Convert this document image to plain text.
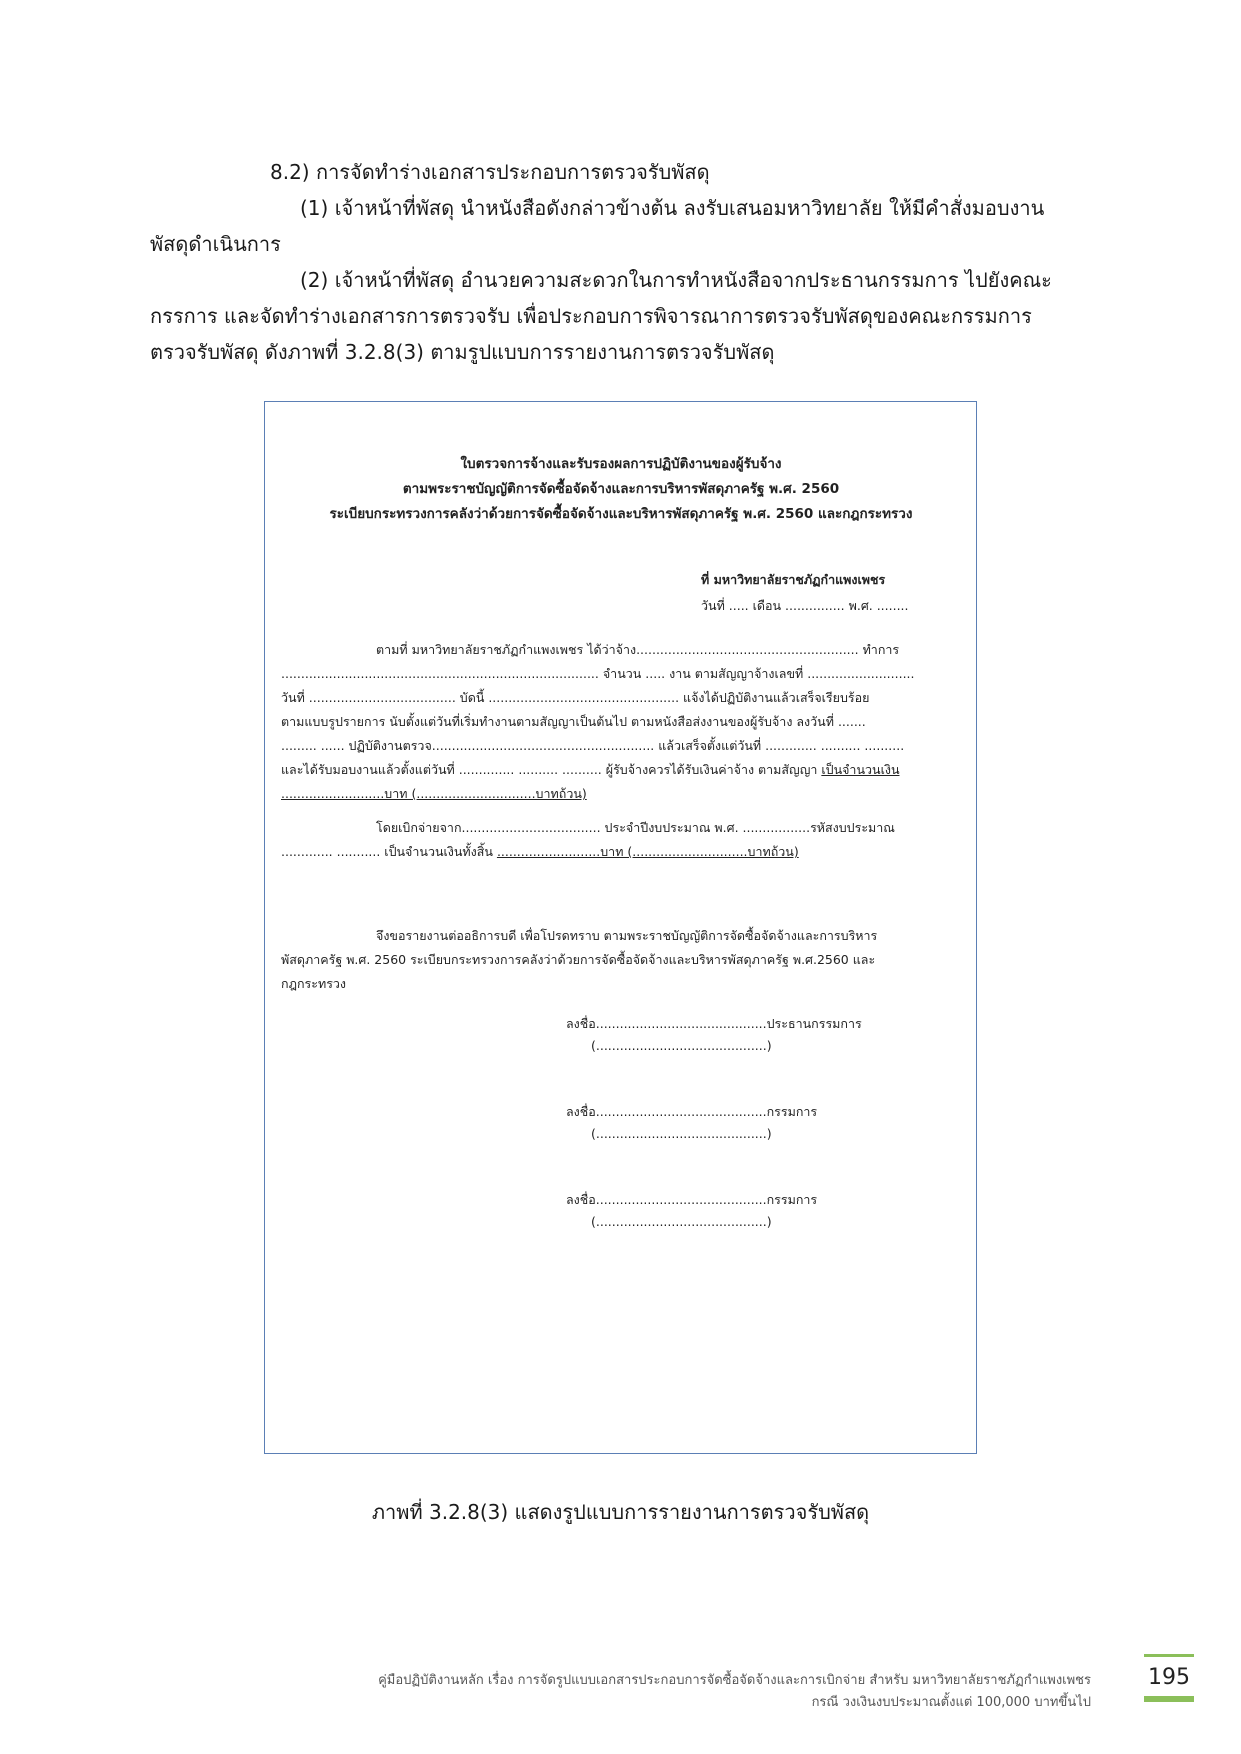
8.2) การจัดทำร่างเอกสารประกอบการตรวจรับพัสดุ

(1) เจ้าหน้าที่พัสดุ นำหนังสือดังกล่าวข้างต้น ลงรับเสนอมหาวิทยาลัย ให้มีคำสั่งมอบงาน
พัสดุดำเนินการ

(2) เจ้าหน้าที่พัสดุ อำนวยความสะดวกในการทำหนังสือจากประธานกรรมการ ไปยังคณะ
กรรการ และจัดทำร่างเอกสารการตรวจรับ เพื่อประกอบการพิจารณาการตรวจรับพัสดุของคณะกรรมการ
ตรวจรับพัสดุ ดังภาพที่ 3.2.8(3) ตามรูปแบบการรายงานการตรวจรับพัสดุ

ใบตรวจการจ้างและรับรองผลการปฏิบัติงานของผู้รับจ้าง
ตามพระราชบัญญัติการจัดซื้อจัดจ้างและการบริหารพัสดุภาครัฐ พ.ศ. 2560
ระเบียบกระทรวงการคลังว่าด้วยการจัดซื้อจัดจ้างและบริหารพัสดุภาครัฐ พ.ศ. 2560 และกฎกระทรวง
ที่ มหาวิทยาลัยราชภัฏกำแพงเพชร
วันที่ ..... เดือน ............... พ.ศ. ........
ตามที่ มหาวิทยาลัยราชภัฏกำแพงเพชร ได้ว่าจ้าง........................................................ ทำการ
................................................................................ จำนวน ..... งาน ตามสัญญาจ้างเลขที่ ...........................
วันที่ ..................................... บัดนี้ ................................................ แจ้งได้ปฏิบัติงานแล้วเสร็จเรียบร้อย
ตามแบบรูปรายการ นับตั้งแต่วันที่เริ่มทำงานตามสัญญาเป็นต้นไป ตามหนังสือส่งงานของผู้รับจ้าง ลงวันที่ .......
......... ...... ปฏิบัติงานตรวจ........................................................ แล้วเสร็จตั้งแต่วันที่ ............. .......... ..........
และได้รับมอบงานแล้วตั้งแต่วันที่ .............. .......... .......... ผู้รับจ้างควรได้รับเงินค่าจ้าง ตามสัญญา เป็นจำนวนเงิน
..........................บาท (..............................บาทถ้วน)
โดยเบิกจ่ายจาก................................... ประจำปีงบประมาณ พ.ศ. .................รหัสงบประมาณ
............. ........... เป็นจำนวนเงินทั้งสิ้น ..........................บาท (.............................บาทถ้วน)
จึงขอรายงานต่ออธิการบดี เพื่อโปรดทราบ ตามพระราชบัญญัติการจัดซื้อจัดจ้างและการบริหาร
พัสดุภาครัฐ พ.ศ. 2560 ระเบียบกระทรวงการคลังว่าด้วยการจัดซื้อจัดจ้างและบริหารพัสดุภาครัฐ พ.ศ.2560 และ
กฎกระทรวง
ลงชื่อ...........................................ประธานกรรมการ
(...........................................)
ลงชื่อ...........................................กรรมการ
(...........................................)
ลงชื่อ...........................................กรรมการ
(...........................................)
ภาพที่ 3.2.8(3) แสดงรูปแบบการรายงานการตรวจรับพัสดุ
คู่มือปฏิบัติงานหลัก เรื่อง การจัดรูปแบบเอกสารประกอบการจัดซื้อจัดจ้างและการเบิกจ่าย สำหรับ มหาวิทยาลัยราชภัฏกำแพงเพชร
กรณี วงเงินงบประมาณตั้งแต่ 100,000 บาทขึ้นไป
195
